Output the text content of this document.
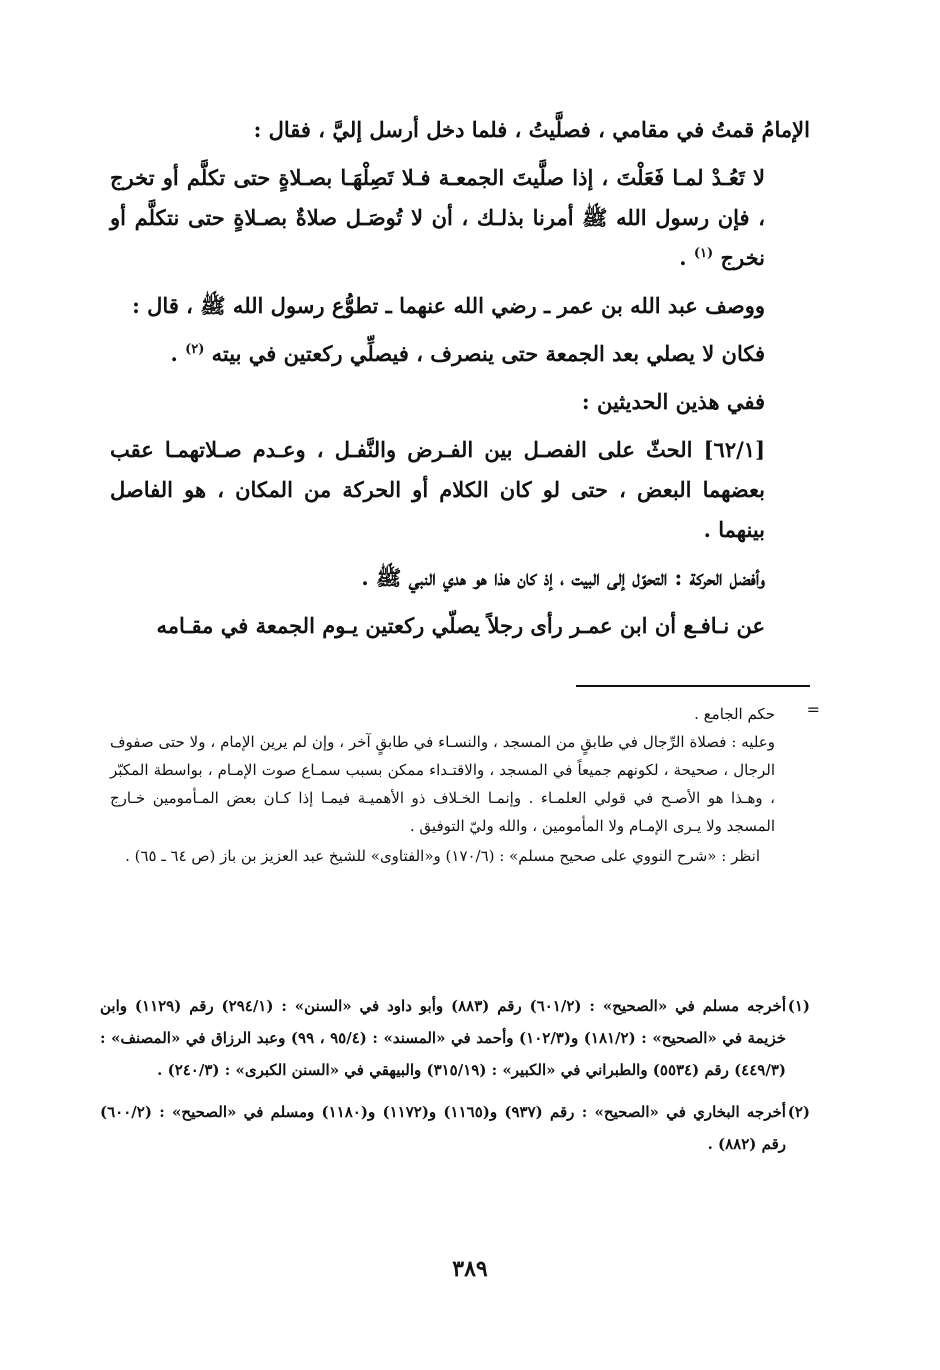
الإمامُ قمتُ في مقامي ، فصلَّيتُ ، فلما دخل أرسل إليَّ ، فقال :

لا تَعُـدْ لمـا فَعَلْتَ ، إذا صلَّيتَ الجمعـة فـلا تَصِلْهَـا بصـلاةٍ حتى تكلَّم أو تخرج ، فإن رسول الله ﷺ أمرنا بذلـك ، أن لا تُوصَـل صلاةٌ بصـلاةٍ حتى نتكلَّم أو نخرج $^{(١)}$ .

ووصف عبد الله بن عمر ـ رضي الله عنهما ـ تطوُّع رسول الله ﷺ ، قال :

فكان لا يصلي بعد الجمعة حتى ينصرف ، فيصلِّي ركعتين في بيته $^{(٢)}$ .

ففي هذين الحديثين :

[٦٢/١] الحثّ على الفصـل بين الفـرض والنَّفـل ، وعـدم صـلاتهمـا عقب بعضهما البعض ، حتى لو كان الكلام أو الحركة من المكان ، هو الفاصل بينهما .

وأفضل الحركة : التحوّل إلى البيت ، إذ كان هذا هو هدي النبي ﷺ .

عن نـافـع أن ابن عمـر رأى رجلاً يصلّي ركعتين يـوم الجمعة في مقـامه

=

حكم الجامع .

وعليه : فصلاة الرِّجال في طابقٍ من المسجد ، والنسـاء في طابقٍ آخر ، وإن لم يرين الإمام ، ولا حتى صفوف الرجال ، صحيحة ، لكونهم جميعاً في المسجد ، والاقتـداء ممكن بسبب سمـاع صوت الإمـام ، بواسطة المكبّر ، وهـذا هو الأصـح في قولي العلمـاء . وإنمـا الخـلاف ذو الأهميـة فيمـا إذا كـان بعض المـأمومين خـارج المسجد ولا يـرى الإمـام ولا المأمومين ، والله وليّ التوفيق .

انظر : «شرح النووي على صحيح مسلم» : (١٧٠/٦) و«الفتاوى» للشيخ عبد العزيز بن باز (ص ٦٤ ـ ٦٥) .

(١)
أخرجه مسلم في «الصحيح» : (٦٠١/٢) رقم (٨٨٣) وأبو داود في «السنن» : (٢٩٤/١) رقم (١١٢٩) وابن خزيمة في «الصحيح» : (١٨١/٢) و(١٠٢/٣) وأحمد في «المسند» : (٩٥/٤ ، ٩٩) وعبد الرزاق في «المصنف» : (٤٤٩/٣) رقم (٥٥٣٤) والطبراني في «الكبير» : (٣١٥/١٩) والبيهقي في «السنن الكبرى» : (٢٤٠/٣) .

(٢)
أخرجه البخاري في «الصحيح» : رقم (٩٣٧) و(١١٦٥) و(١١٧٢) و(١١٨٠) ومسلم في «الصحيح» : (٦٠٠/٢) رقم (٨٨٢) .

٣٨٩
